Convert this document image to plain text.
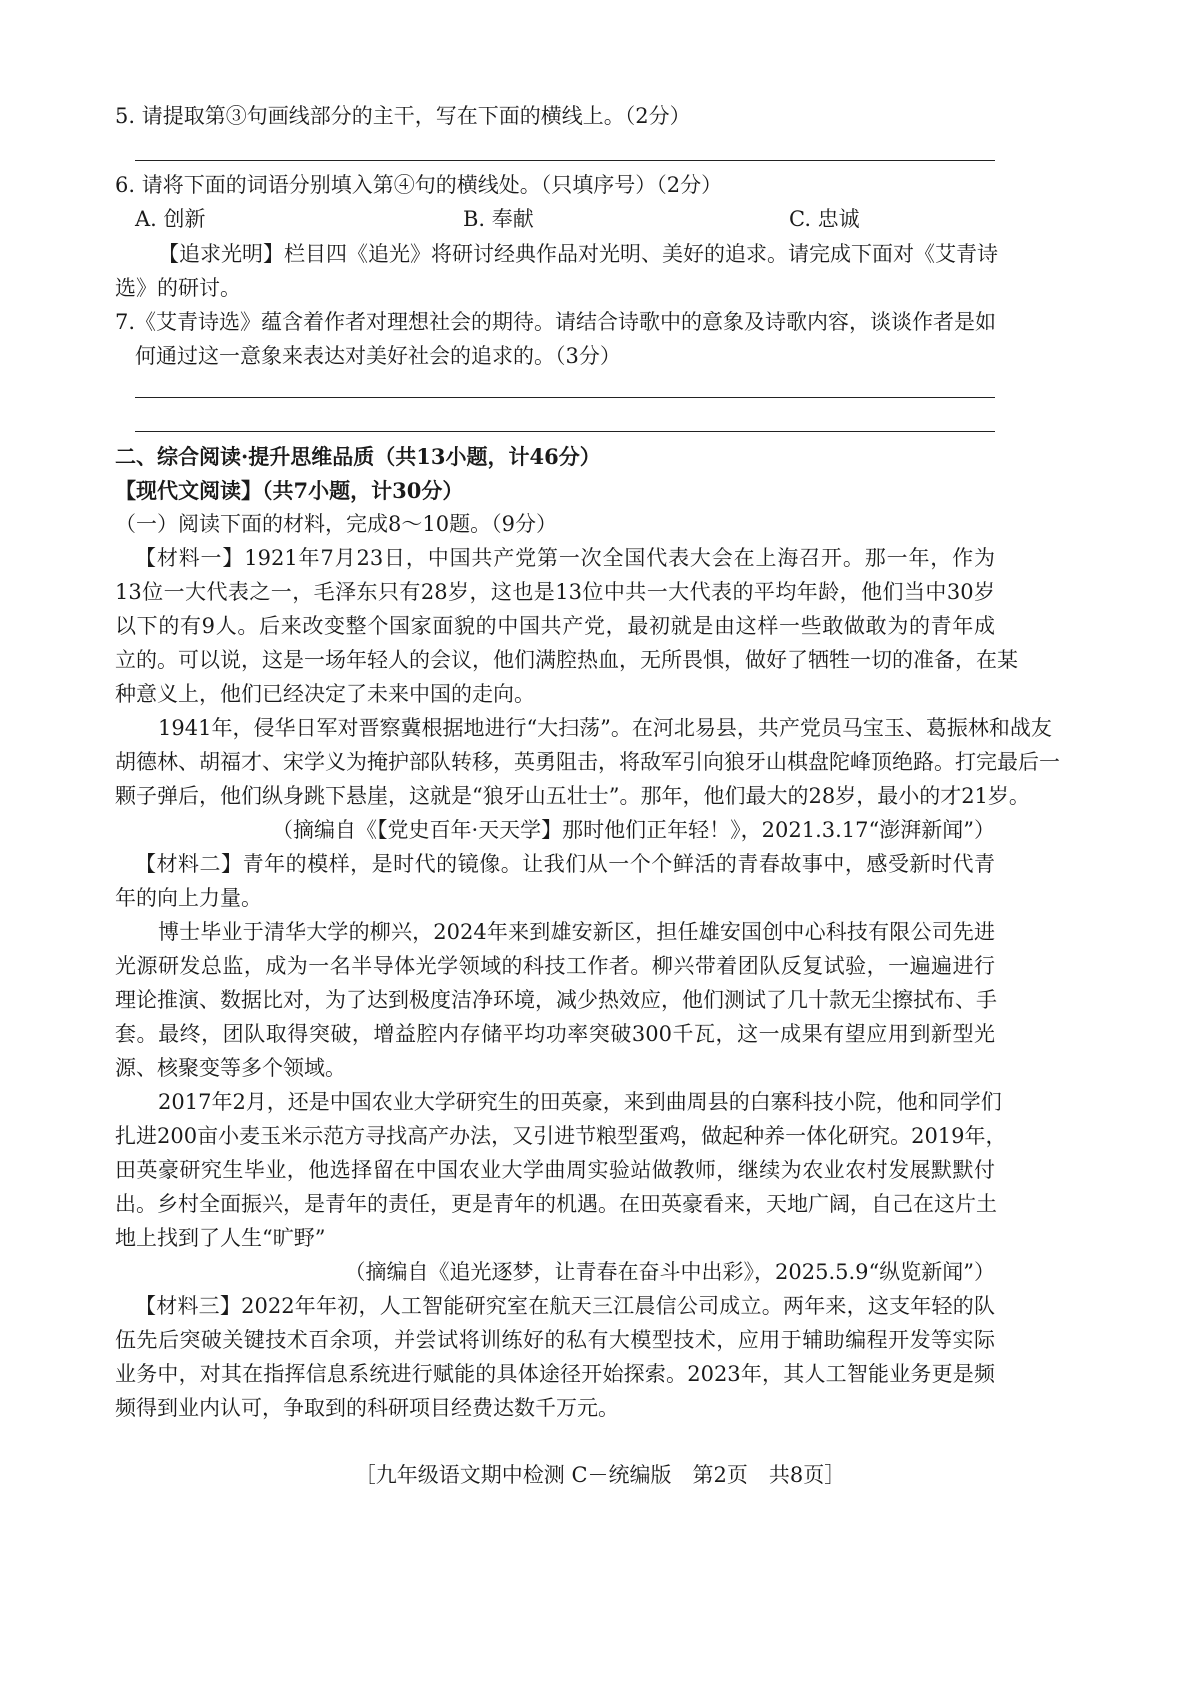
5. 请提取第③句画线部分的主干，写在下面的横线上。（2分）
6. 请将下面的词语分别填入第④句的横线处。（只填序号）（2分）
A. 创新	B. 奉献	C. 忠诚
【追求光明】栏目四《追光》将研讨经典作品对光明、美好的追求。请完成下面对《艾青诗
选》的研讨。
7.《艾青诗选》蕴含着作者对理想社会的期待。请结合诗歌中的意象及诗歌内容，谈谈作者是如
何通过这一意象来表达对美好社会的追求的。（3分）
二、综合阅读·提升思维品质（共13小题，计46分）
【现代文阅读】（共7小题，计30分）
（一）阅读下面的材料，完成8～10题。（9分）
【材料一】1921年7月23日，中国共产党第一次全国代表大会在上海召开。那一年，作为
13位一大代表之一，毛泽东只有28岁，这也是13位中共一大代表的平均年龄，他们当中30岁
以下的有9人。后来改变整个国家面貌的中国共产党，最初就是由这样一些敢做敢为的青年成
立的。可以说，这是一场年轻人的会议，他们满腔热血，无所畏惧，做好了牺牲一切的准备，在某
种意义上，他们已经决定了未来中国的走向。
1941年，侵华日军对晋察冀根据地进行“大扫荡”。在河北易县，共产党员马宝玉、葛振林和战友
胡德林、胡福才、宋学义为掩护部队转移，英勇阻击，将敌军引向狼牙山棋盘陀峰顶绝路。打完最后一
颗子弹后，他们纵身跳下悬崖，这就是“狼牙山五壮士”。那年，他们最大的28岁，最小的才21岁。
（摘编自《【党史百年·天天学】那时他们正年轻！》，2021.3.17“澎湃新闻”）
【材料二】青年的模样，是时代的镜像。让我们从一个个鲜活的青春故事中，感受新时代青
年的向上力量。
博士毕业于清华大学的柳兴，2024年来到雄安新区，担任雄安国创中心科技有限公司先进
光源研发总监，成为一名半导体光学领域的科技工作者。柳兴带着团队反复试验，一遍遍进行
理论推演、数据比对，为了达到极度洁净环境，减少热效应，他们测试了几十款无尘擦拭布、手
套。最终，团队取得突破，增益腔内存储平均功率突破300千瓦，这一成果有望应用到新型光
源、核聚变等多个领域。
2017年2月，还是中国农业大学研究生的田英豪，来到曲周县的白寨科技小院，他和同学们
扎进200亩小麦玉米示范方寻找高产办法，又引进节粮型蛋鸡，做起种养一体化研究。2019年，
田英豪研究生毕业，他选择留在中国农业大学曲周实验站做教师，继续为农业农村发展默默付
出。乡村全面振兴，是青年的责任，更是青年的机遇。在田英豪看来，天地广阔，自己在这片土
地上找到了人生“旷野”
（摘编自《追光逐梦，让青春在奋斗中出彩》，2025.5.9“纵览新闻”）
【材料三】2022年年初，人工智能研究室在航天三江晨信公司成立。两年来，这支年轻的队
伍先后突破关键技术百余项，并尝试将训练好的私有大模型技术，应用于辅助编程开发等实际
业务中，对其在指挥信息系统进行赋能的具体途径开始探索。2023年，其人工智能业务更是频
频得到业内认可，争取到的科研项目经费达数千万元。
［九年级语文期中检测 C－统编版　第2页　共8页］
